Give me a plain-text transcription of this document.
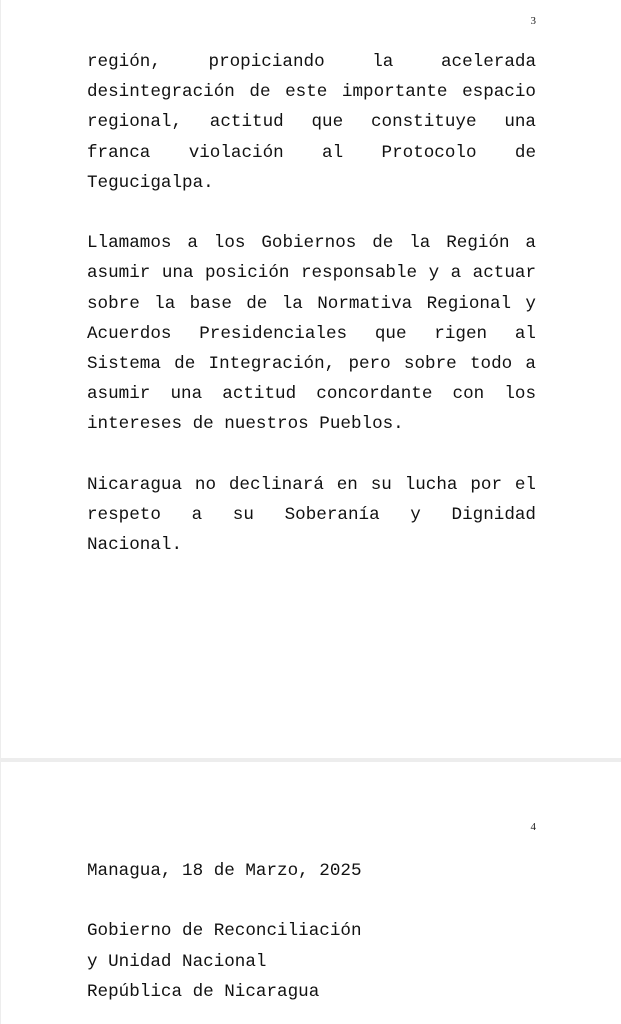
3

región, propiciando la acelerada desintegración de este importante espacio regional, actitud que constituye una franca violación al Protocolo de Tegucigalpa.

Llamamos a los Gobiernos de la Región a asumir una posición responsable y a actuar sobre la base de la Normativa Regional y Acuerdos Presidenciales que rigen al Sistema de Integración, pero sobre todo a asumir una actitud concordante con los intereses de nuestros Pueblos.

Nicaragua no declinará en su lucha por el respeto a su Soberanía y Dignidad Nacional.

4
Managua, 18 de Marzo, 2025
Gobierno de Reconciliación
y Unidad Nacional
República de Nicaragua
